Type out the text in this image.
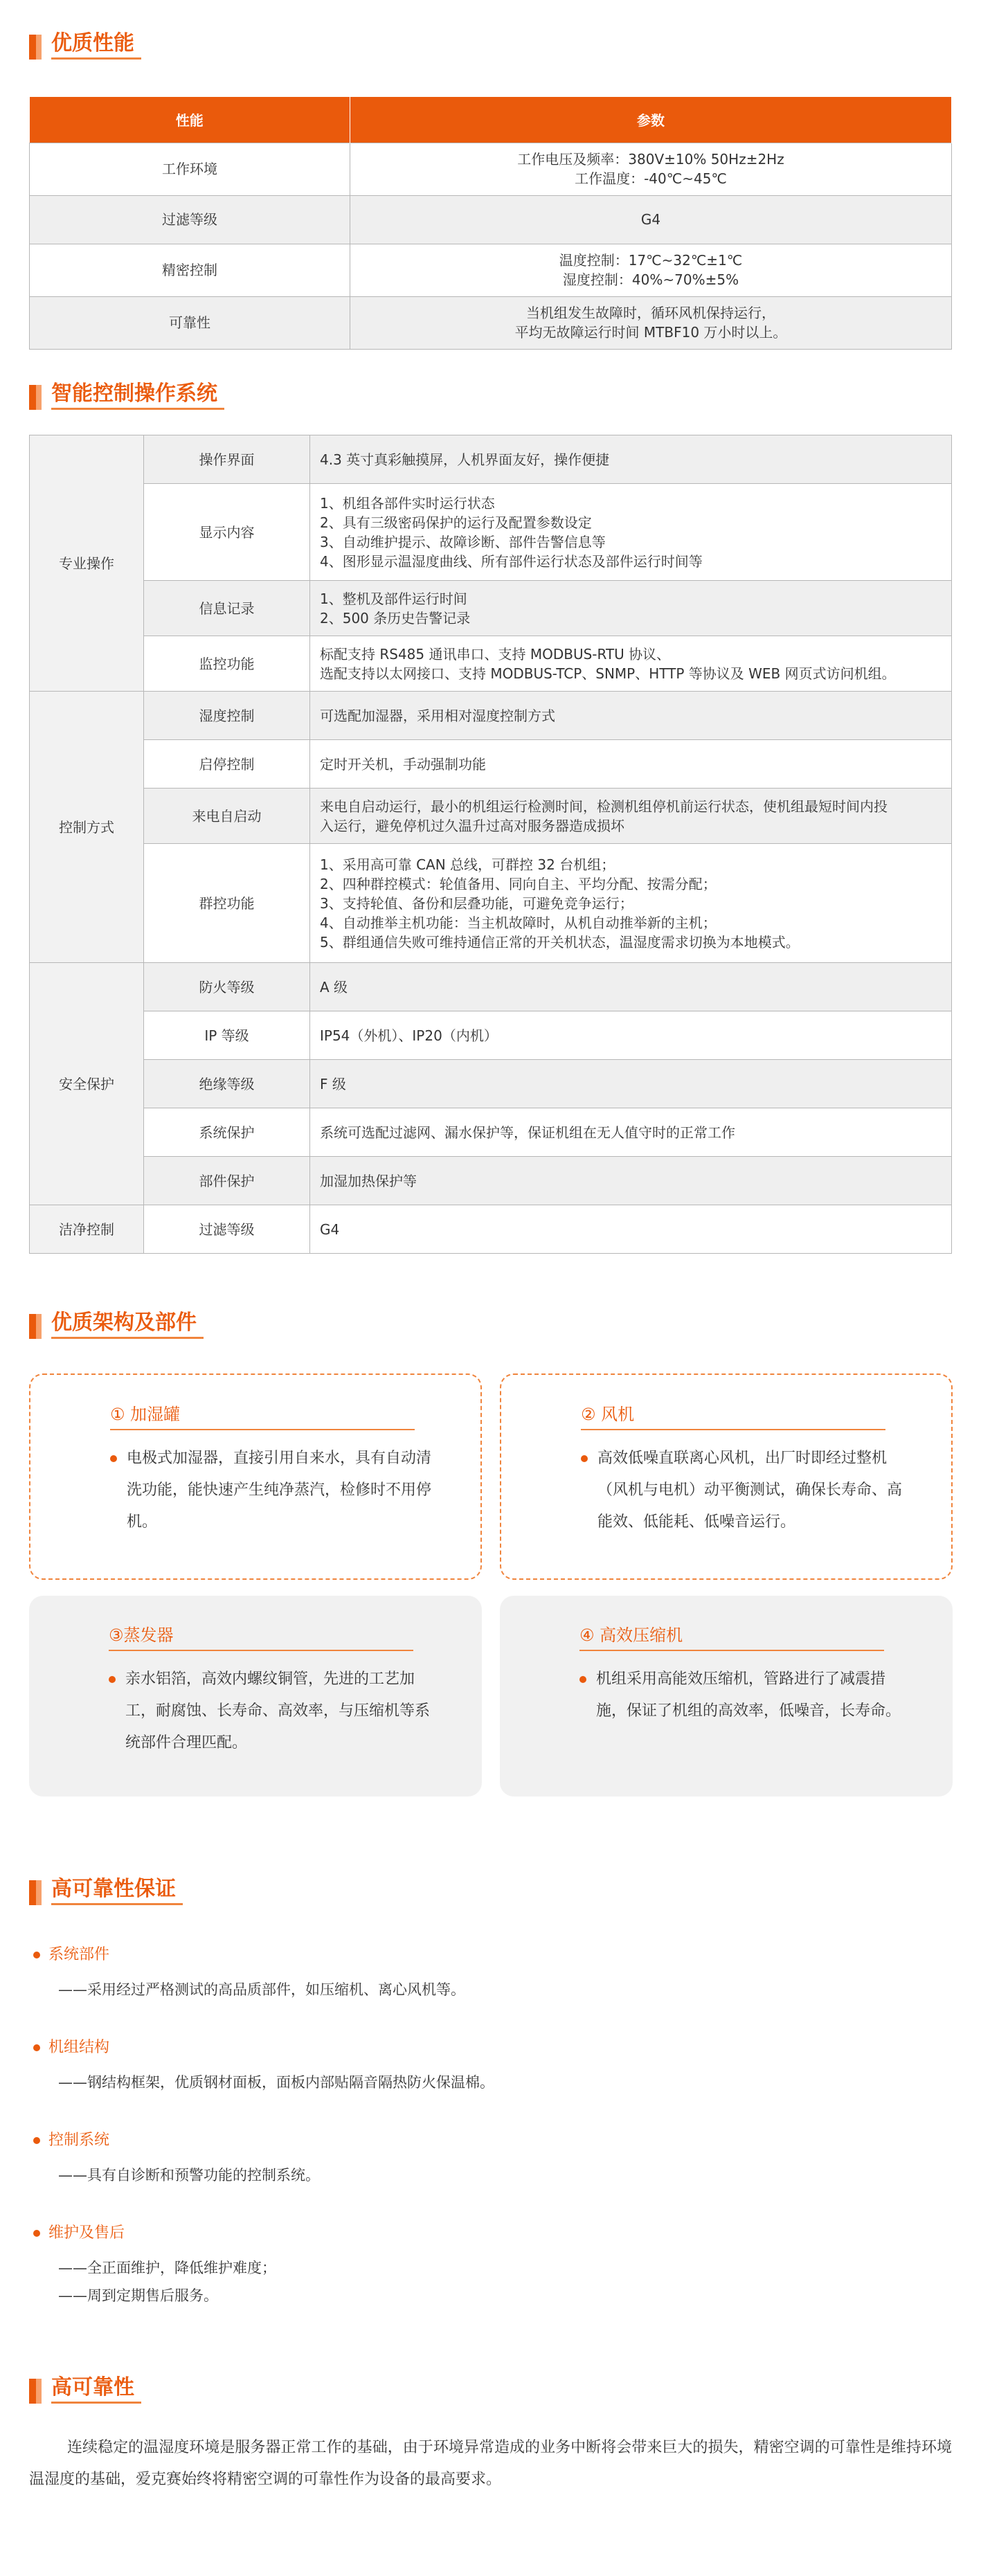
优质性能
性能	参数
工作环境	工作电压及频率：380V±10% 50Hz±2Hz
工作温度：-40℃~45℃

过滤等级	G4
精密控制	温度控制：17℃~32℃±1℃
湿度控制：40%~70%±5%

可靠性	当机组发生故障时，循环风机保持运行，
平均无故障运行时间 MTBF10 万小时以上。
智能控制操作系统
专业操作	操作界面	4.3 英寸真彩触摸屏，人机界面友好，操作便捷
	显示内容	1、机组各部件实时运行状态
2、具有三级密码保护的运行及配置参数设定
3、自动维护提示、故障诊断、部件告警信息等
4、图形显示温湿度曲线、所有部件运行状态及部件运行时间等

	信息记录	1、整机及部件运行时间
2、500 条历史告警记录

	监控功能	标配支持 RS485 通讯串口、支持 MODBUS-RTU 协议、
选配支持以太网接口、支持 MODBUS-TCP、SNMP、HTTP 等协议及 WEB 网页式访问机组。

控制方式	湿度控制	可选配加湿器，采用相对湿度控制方式
	启停控制	定时开关机，手动强制功能
	来电自启动	来电自启动运行，最小的机组运行检测时间，检测机组停机前运行状态，使机组最短时间内投
入运行，避免停机过久温升过高对服务器造成损坏

	群控功能	1、采用高可靠 CAN 总线，可群控 32 台机组；
2、四种群控模式：轮值备用、同向自主、平均分配、按需分配；
3、支持轮值、备份和层叠功能，可避免竞争运行；
4、自动推举主机功能：当主机故障时，从机自动推举新的主机；
5、群组通信失败可维持通信正常的开关机状态，温湿度需求切换为本地模式。

安全保护	防火等级	A 级
	IP 等级	IP54（外机）、IP20（内机）
	绝缘等级	F 级
	系统保护	系统可选配过滤网、漏水保护等，保证机组在无人值守时的正常工作
	部件保护	加湿加热保护等
洁净控制	过滤等级	G4
优质架构及部件
① 加湿罐
电极式加湿器，直接引用自来水，具有自动清
洗功能，能快速产生纯净蒸汽，检修时不用停
机。
② 风机
高效低噪直联离心风机，出厂时即经过整机
（风机与电机）动平衡测试，确保长寿命、高
能效、低能耗、低噪音运行。
③蒸发器
亲水铝箔，高效内螺纹铜管，先进的工艺加
工，耐腐蚀、长寿命、高效率，与压缩机等系
统部件合理匹配。
④ 高效压缩机
机组采用高能效压缩机，管路进行了减震措
施，保证了机组的高效率，低噪音，长寿命。
高可靠性保证
系统部件
——采用经过严格测试的高品质部件，如压缩机、离心风机等。
机组结构
——钢结构框架，优质钢材面板，面板内部贴隔音隔热防火保温棉。
控制系统
——具有自诊断和预警功能的控制系统。
维护及售后
——全正面维护，降低维护难度；
——周到定期售后服务。
高可靠性
连续稳定的温湿度环境是服务器正常工作的基础，由于环境异常造成的业务中断将会带来巨大的损失，精密空调的可靠性是维持环境温湿度的基础，爱克赛始终将精密空调的可靠性作为设备的最高要求。
